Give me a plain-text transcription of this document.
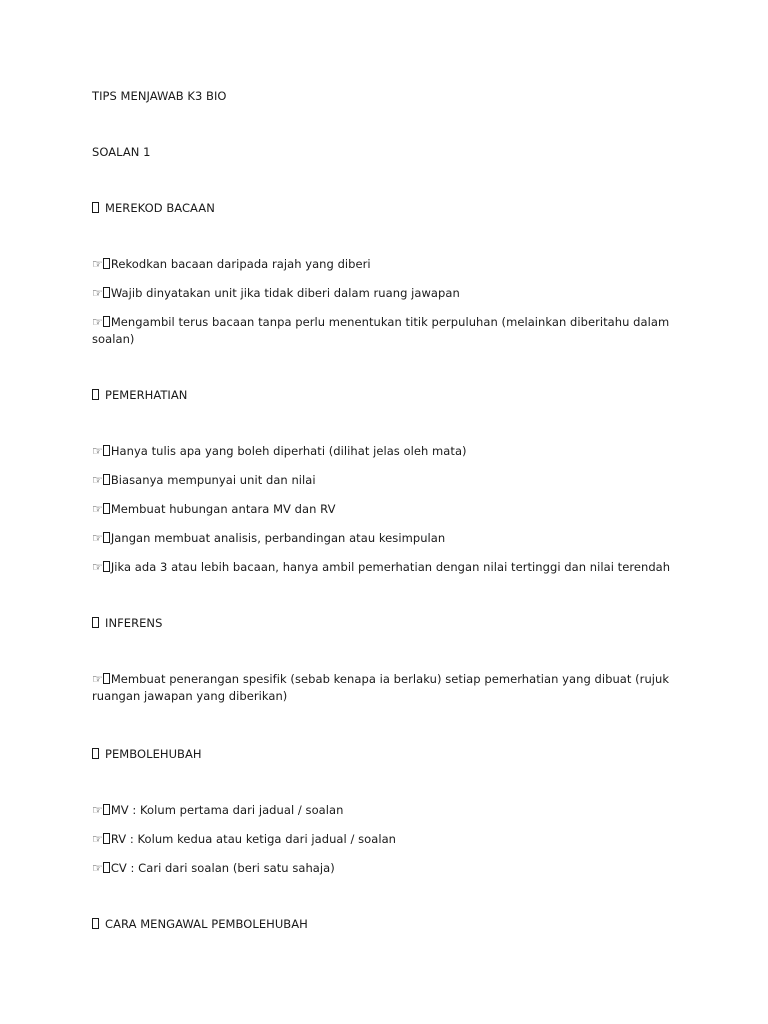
TIPS MENJAWAB K3 BIO
SOALAN 1
MEREKOD BACAAN
☞ Rekodkan bacaan daripada rajah yang diberi
☞ Wajib dinyatakan unit jika tidak diberi dalam ruang jawapan
☞ Mengambil terus bacaan tanpa perlu menentukan titik perpuluhan (melainkan diberitahu dalam soalan)
PEMERHATIAN
☞ Hanya tulis apa yang boleh diperhati (dilihat jelas oleh mata)
☞ Biasanya mempunyai unit dan nilai
☞ Membuat hubungan antara MV dan RV
☞ Jangan membuat analisis, perbandingan atau kesimpulan
☞ Jika ada 3 atau lebih bacaan, hanya ambil pemerhatian dengan nilai tertinggi dan nilai terendah
INFERENS
☞ Membuat penerangan spesifik (sebab kenapa ia berlaku) setiap pemerhatian yang dibuat (rujuk ruangan jawapan yang diberikan)
PEMBOLEHUBAH
☞ MV : Kolum pertama dari jadual / soalan
☞ RV : Kolum kedua atau ketiga dari jadual / soalan
☞ CV : Cari dari soalan (beri satu sahaja)
CARA MENGAWAL PEMBOLEHUBAH
